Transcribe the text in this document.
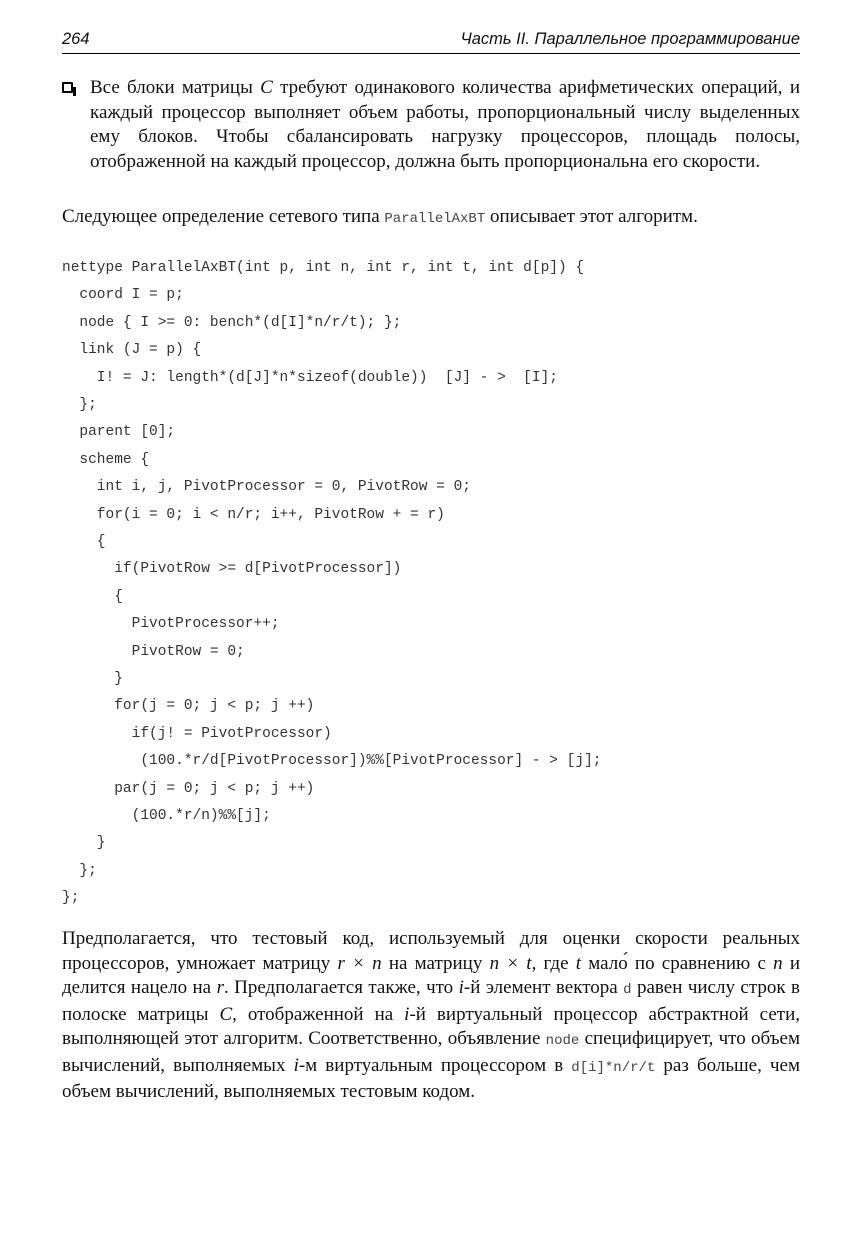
264	Часть II. Параллельное программирование

Все блоки матрицы C требуют одинакового количества арифметических операций, и каждый процессор выполняет объем работы, пропорциональный числу выделенных ему блоков. Чтобы сбалансировать нагрузку процессоров, площадь полосы, отображенной на каждый процессор, должна быть пропорциональна его скорости.

Следующее определение сетевого типа ParallelAxBT описывает этот алгоритм.

nettype ParallelAxBT(int p, int n, int r, int t, int d[p]) {
coord I = p;
node { I >= 0: bench*(d[I]*n/r/t); };
link (J = p) {
I! = J: length*(d[J]*n*sizeof(double))  [J] - >  [I];
};
parent [0];
scheme {
int i, j, PivotProcessor = 0, PivotRow = 0;
for(i = 0; i < n/r; i++, PivotRow + = r)
{
if(PivotRow >= d[PivotProcessor])
{
PivotProcessor++;
PivotRow = 0;
}
for(j = 0; j < p; j ++)
if(j! = PivotProcessor)
(100.*r/d[PivotProcessor])%%[PivotProcessor] - > [j];
par(j = 0; j < p; j ++)
(100.*r/n)%%[j];
}
};
};

Предполагается, что тестовый код, используемый для оценки скорости реальных процессоров, умножает матрицу r × n на матрицу n × t, где t мало́ по сравнению с n и делится нацело на r. Предполагается также, что i-й элемент вектора d равен числу строк в полоске матрицы C, отображенной на i-й виртуальный процессор абстрактной сети, выполняющей этот алгоритм. Соответственно, объявление node специфицирует, что объем вычислений, выполняемых i-м виртуальным процессором в d[i]*n/r/t раз больше, чем объем вычислений, выполняемых тестовым кодом.
